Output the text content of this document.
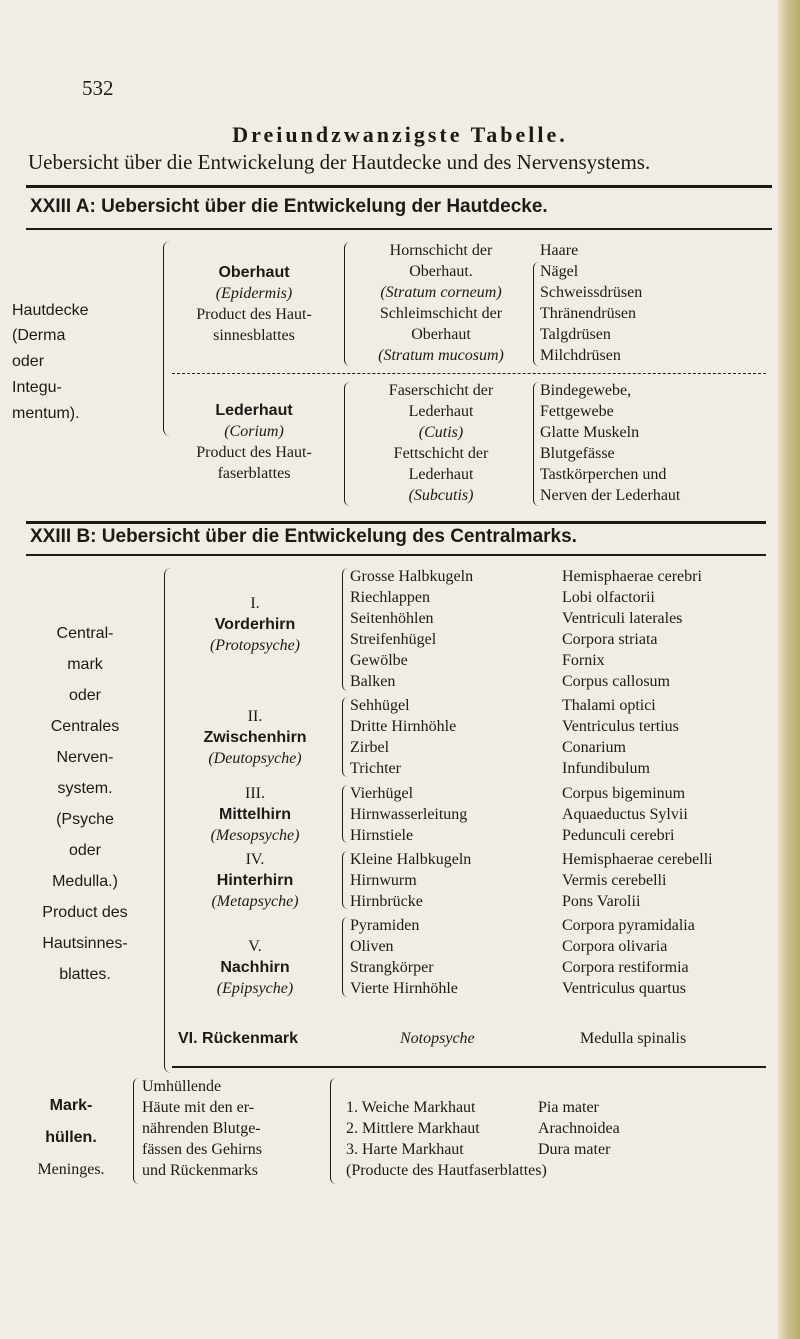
532
Dreiundzwanzigste Tabelle.
Uebersicht über die Entwickelung der Hautdecke und des Nervensystems.
XXIII A: Uebersicht über die Entwickelung der Hautdecke.
Hautdecke
(Derma
oder
Integu-
mentum).
Oberhaut
(Epidermis)
Product des Haut-
sinnesblattes
Hornschicht der
Oberhaut.
(Stratum corneum)
Schleimschicht der
Oberhaut
(Stratum mucosum)
Haare
Nägel
Schweissdrüsen
Thränendrüsen
Talgdrüsen
Milchdrüsen
Lederhaut
(Corium)
Product des Haut-
faserblattes
Faserschicht der
Lederhaut
(Cutis)
Fettschicht der
Lederhaut
(Subcutis)
Bindegewebe,
Fettgewebe
Glatte Muskeln
Blutgefässe
Tastkörperchen und
Nerven der Lederhaut
XXIII B: Uebersicht über die Entwickelung des Centralmarks.
Central-
mark
oder
Centrales
Nerven-
system.
(Psyche
oder
Medulla.)
Product des
Hautsinnes-
blattes.
I.
Vorderhirn
(Protopsyche)
Grosse Halbkugeln
Riechlappen
Seitenhöhlen
Streifenhügel
Gewölbe
Balken
Hemisphaerae cerebri
Lobi olfactorii
Ventriculi laterales
Corpora striata
Fornix
Corpus callosum
II.
Zwischenhirn
(Deutopsyche)
Sehhügel
Dritte Hirnhöhle
Zirbel
Trichter
Thalami optici
Ventriculus tertius
Conarium
Infundibulum
III.
Mittelhirn
(Mesopsyche)
Vierhügel
Hirnwasserleitung
Hirnstiele
Corpus bigeminum
Aquaeductus Sylvii
Pedunculi cerebri
IV.
Hinterhirn
(Metapsyche)
Kleine Halbkugeln
Hirnwurm
Hirnbrücke
Hemisphaerae cerebelli
Vermis cerebelli
Pons Varolii
V.
Nachhirn
(Epipsyche)
Pyramiden
Oliven
Strangkörper
Vierte Hirnhöhle
Corpora pyramidalia
Corpora olivaria
Corpora restiformia
Ventriculus quartus
VI. Rückenmark	Notopsyche	Medulla spinalis
Mark-
hüllen.
Meninges.
Umhüllende
Häute mit den er-
nährenden Blutge-
fässen des Gehirns
und Rückenmarks
1. Weiche Markhaut
2. Mittlere Markhaut
3. Harte Markhaut
Pia mater
Arachnoidea
Dura mater
(Producte des Hautfaserblattes)
